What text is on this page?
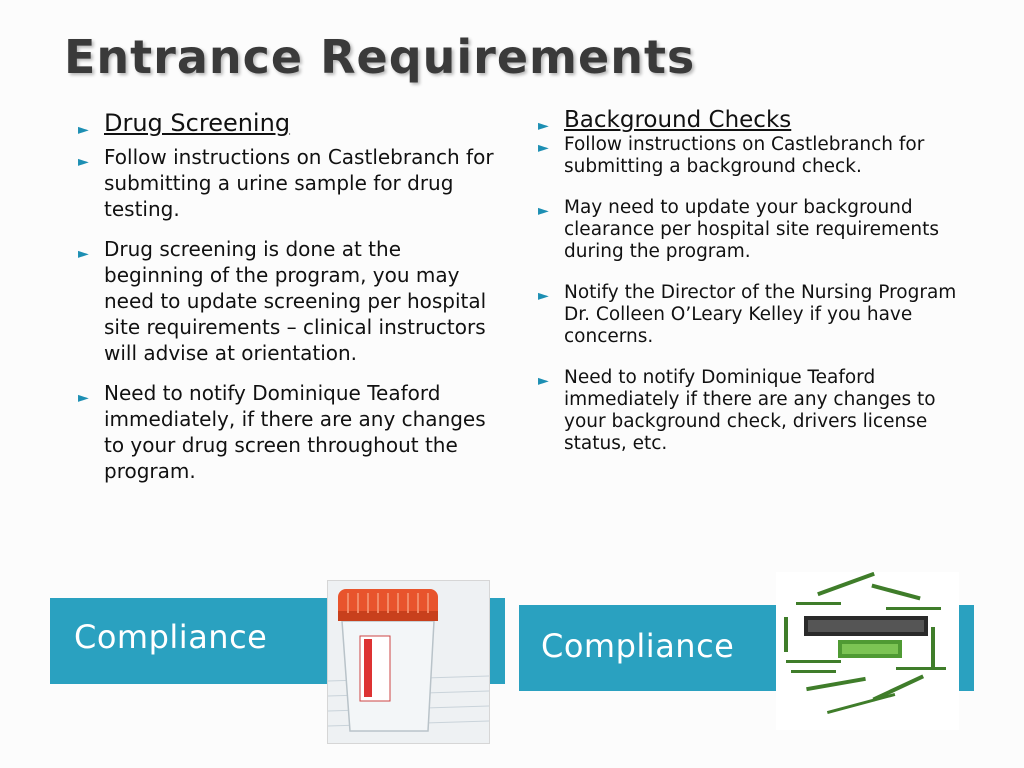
Entrance Requirements
► Drug Screening
► Follow instructions on Castlebranch for submitting a urine sample for drug testing.
► Drug screening is done at the beginning of the program, you may need to update screening per hospital site requirements – clinical instructors will advise at orientation.
► Need to notify Dominique Teaford immediately, if there are any changes to your drug screen throughout the program.
► Background Checks
► Follow instructions on Castlebranch for submitting a background check.
► May need to update your background clearance per hospital site requirements during the program.
► Notify the Director of the Nursing Program Dr. Colleen O’Leary Kelley if you have concerns.
► Need to notify Dominique Teaford immediately if there are any changes to your background check, drivers license status, etc.
Compliance	Compliance
